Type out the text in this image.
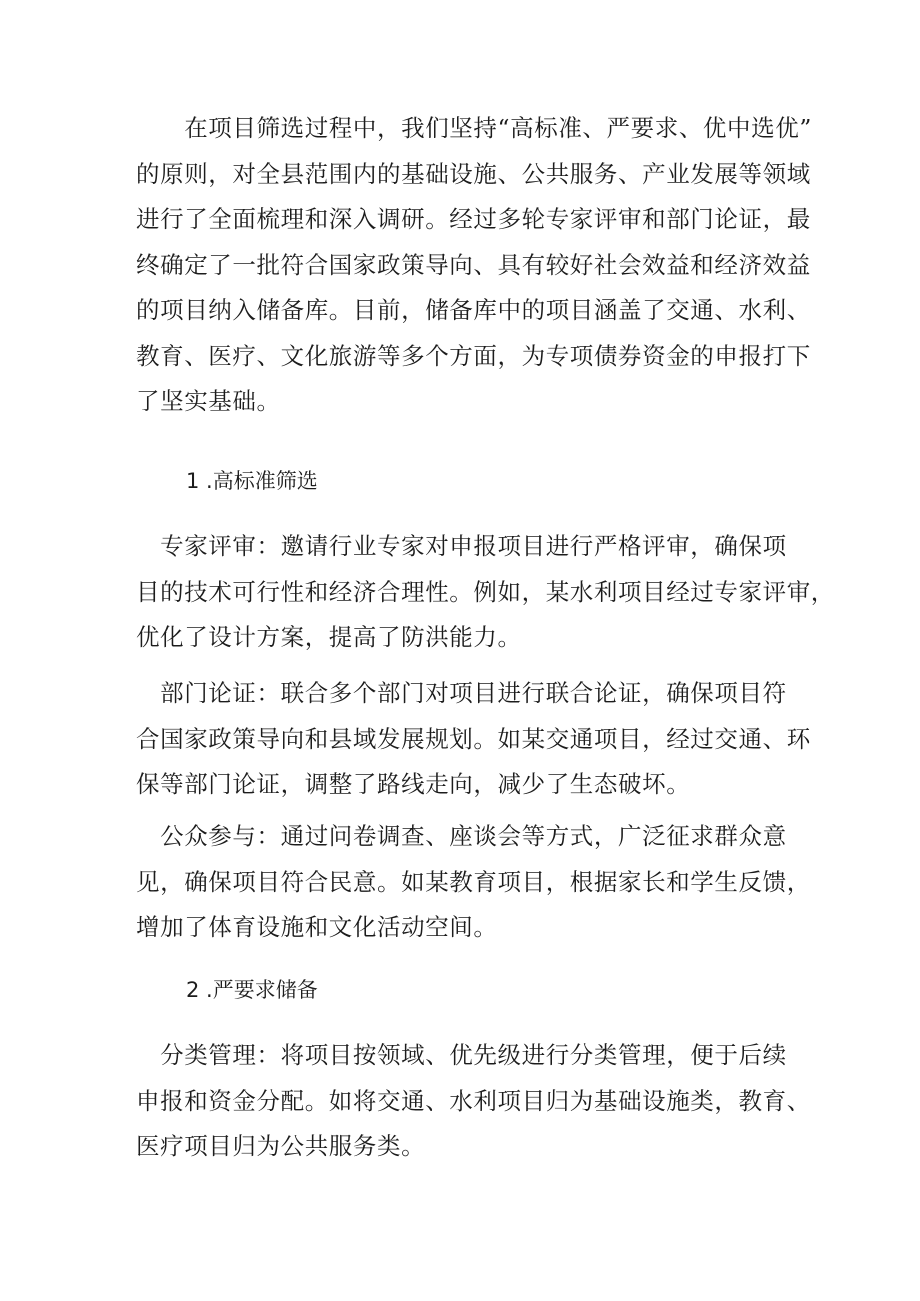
　　在项目筛选过程中，我们坚持“高标准、严要求、优中选优”
的原则，对全县范围内的基础设施、公共服务、产业发展等领域
进行了全面梳理和深入调研。经过多轮专家评审和部门论证，最
终确定了一批符合国家政策导向、具有较好社会效益和经济效益
的项目纳入储备库。目前，储备库中的项目涵盖了交通、水利、
教育、医疗、文化旅游等多个方面，为专项债券资金的申报打下
了坚实基础。
1 .高标准筛选
　专家评审：邀请行业专家对申报项目进行严格评审，确保项
目的技术可行性和经济合理性。例如，某水利项目经过专家评审，
优化了设计方案，提高了防洪能力。
　部门论证：联合多个部门对项目进行联合论证，确保项目符
合国家政策导向和县域发展规划。如某交通项目，经过交通、环
保等部门论证，调整了路线走向，减少了生态破坏。
　公众参与：通过问卷调查、座谈会等方式，广泛征求群众意
见，确保项目符合民意。如某教育项目，根据家长和学生反馈，
增加了体育设施和文化活动空间。
2 .严要求储备
　分类管理：将项目按领域、优先级进行分类管理，便于后续
申报和资金分配。如将交通、水利项目归为基础设施类，教育、
医疗项目归为公共服务类。
